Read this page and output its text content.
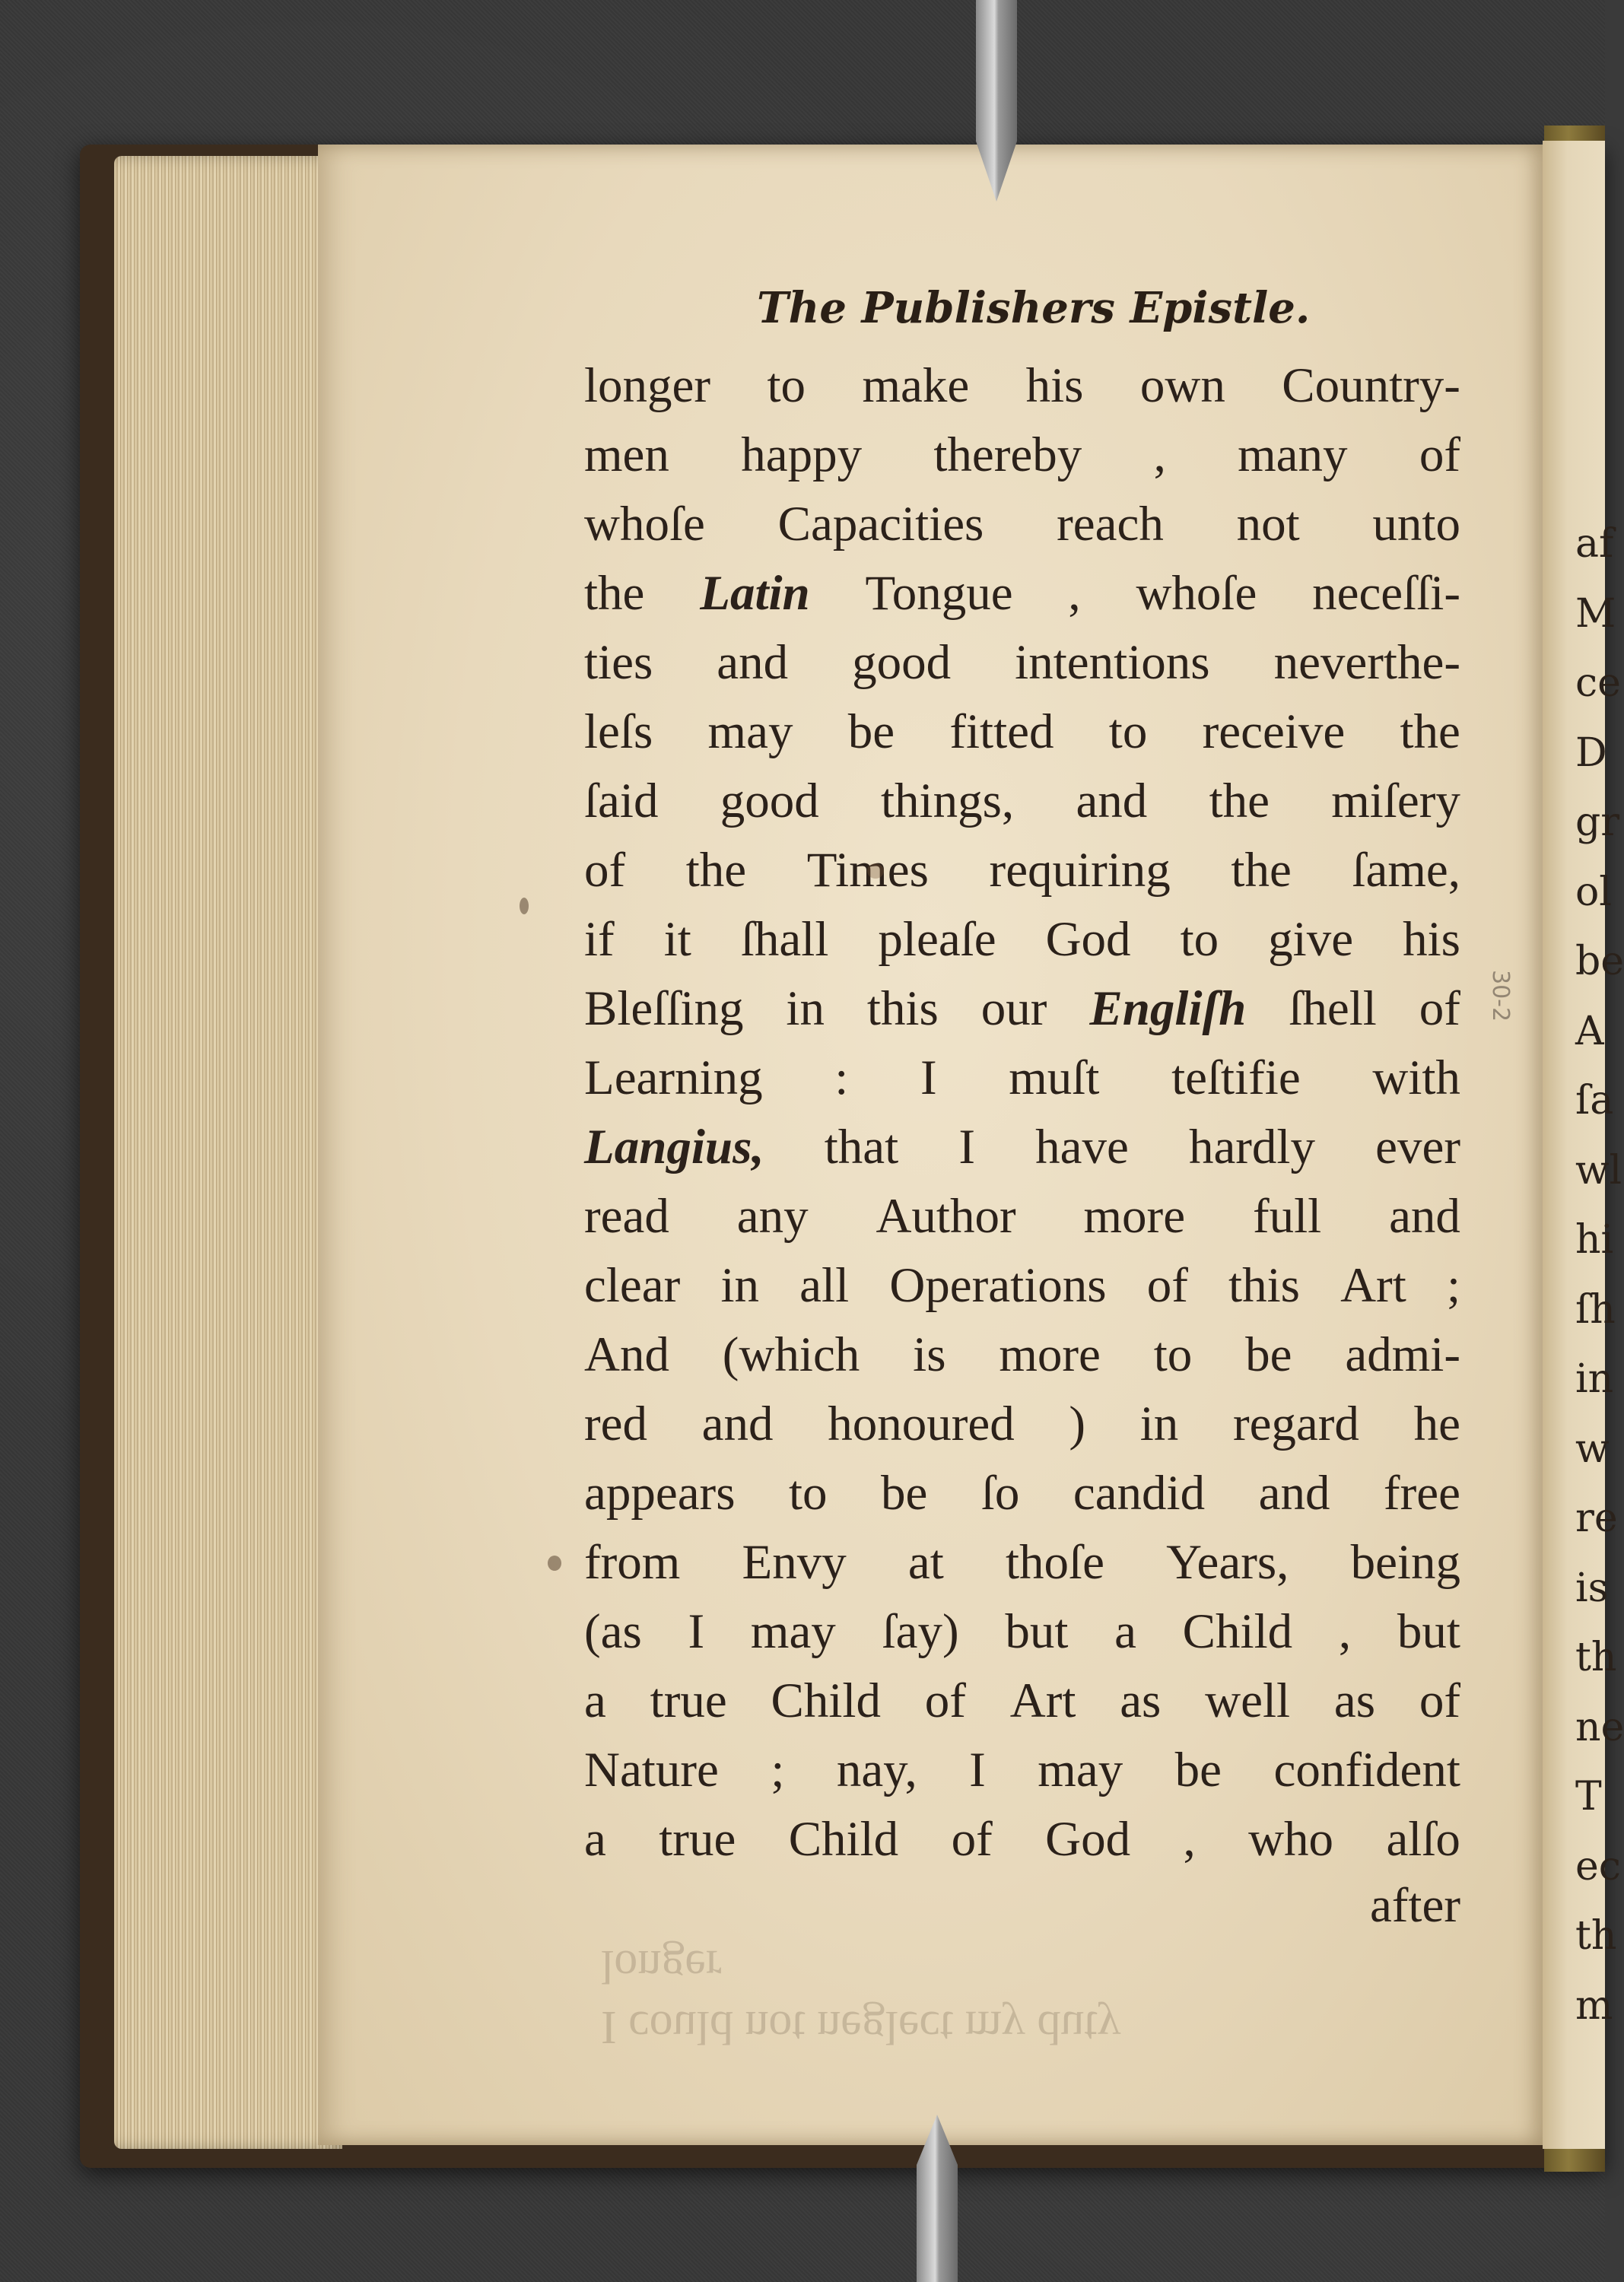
af
M
ce
D
gr
ol
be
A
ſa
wl
hi
ſh
in
w
re
is
th
ne
T
ec
th
m
The Publishers Epistle.
longer to make his own Country-
men happy thereby , many of
whoſe Capacities reach not unto
the Latin Tongue , whoſe neceſſi-
ties and good intentions neverthe-
leſs may be fitted to receive the
ſaid good things, and the miſery
of the Times requiring the ſame,
if it ſhall pleaſe God to give his
Bleſſing in this our Engliſh ſhell of
Learning : I muſt teſtifie with
Langius, that I have hardly ever
read any Author more full and
clear in all Operations of this Art ;
And (which is more to be admi-
red and honoured ) in regard he
appears to be ſo candid and free
from Envy at thoſe Years, being
(as I may ſay) but a Child , but
a true Child of Art as well as of
Nature ; nay, I may be confident
a true Child of God , who alſo
after
I could not neglect my duty
longer
30-2
